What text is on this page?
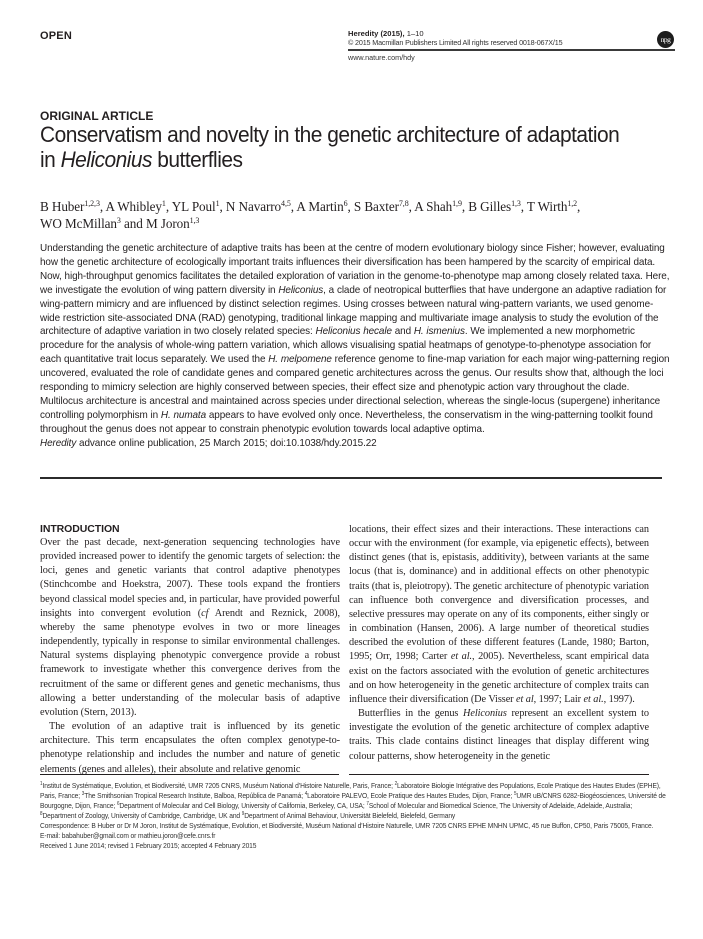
OPEN	Heredity (2015), 1–10
© 2015 Macmillan Publishers Limited All rights reserved 0018-067X/15
www.nature.com/hdy
npg
ORIGINAL ARTICLE
Conservatism and novelty in the genetic architecture of adaptation in Heliconius butterflies
B Huber$^{1,2,3}$, A Whibley$^1$, YL Poul$^1$, N Navarro$^{4,5}$, A Martin$^6$, S Baxter$^{7,8}$, A Shah$^{1,9}$, B Gilles$^{1,3}$, T Wirth$^{1,2}$,
WO McMillan$^3$ and M Joron$^{1,3}$
Understanding the genetic architecture of adaptive traits has been at the centre of modern evolutionary biology since Fisher; however, evaluating how the genetic architecture of ecologically important traits influences their diversification has been hampered by the scarcity of empirical data. Now, high-throughput genomics facilitates the detailed exploration of variation in the genome-to-phenotype map among closely related taxa. Here, we investigate the evolution of wing pattern diversity in Heliconius, a clade of neotropical butterflies that have undergone an adaptive radiation for wing-pattern mimicry and are influenced by distinct selection regimes. Using crosses between natural wing-pattern variants, we used genome-wide restriction site-associated DNA (RAD) genotyping, traditional linkage mapping and multivariate image analysis to study the evolution of the architecture of adaptive variation in two closely related species: Heliconius hecale and H. ismenius. We implemented a new morphometric procedure for the analysis of whole-wing pattern variation, which allows visualising spatial heatmaps of genotype-to-phenotype association for each quantitative trait locus separately. We used the H. melpomene reference genome to fine-map variation for each major wing-patterning region uncovered, evaluated the role of candidate genes and compared genetic architectures across the genus. Our results show that, although the loci responding to mimicry selection are highly conserved between species, their effect size and phenotypic action vary throughout the clade. Multilocus architecture is ancestral and maintained across species under directional selection, whereas the single-locus (supergene) inheritance controlling polymorphism in H. numata appears to have evolved only once. Nevertheless, the conservatism in the wing-patterning toolkit found throughout the genus does not appear to constrain phenotypic evolution towards local adaptive optima.
Heredity advance online publication, 25 March 2015; doi:10.1038/hdy.2015.22
INTRODUCTION

Over the past decade, next-generation sequencing technologies have provided increased power to identify the genomic targets of selection: the loci, genes and genetic variants that control adaptive phenotypes (Stinchcombe and Hoekstra, 2007). These tools expand the frontiers beyond classical model species and, in particular, have provided powerful insights into convergent evolution (cf Arendt and Reznick, 2008), whereby the same phenotype evolves in two or more lineages independently, typically in response to similar environmental challenges. Natural systems displaying phenotypic convergence provide a robust framework to investigate whether this convergence derives from the recruitment of the same or different genes and genetic mechanisms, thus allowing a better understanding of the molecular basis of adaptive evolution (Stern, 2013).

The evolution of an adaptive trait is influenced by its genetic architecture. This term encapsulates the often complex genotype-to-phenotype relationship and includes the number and nature of genetic elements (genes and alleles), their absolute and relative genomic

locations, their effect sizes and their interactions. These interactions can occur with the environment (for example, via epigenetic effects), between distinct genes (that is, epistasis, additivity), between variants at the same locus (that is, dominance) and in additional effects on other phenotypic traits (that is, pleiotropy). The genetic architecture of phenotypic variation can influence both convergence and diversification processes, and selective pressures may operate on any of its components, either singly or in combination (Hansen, 2006). A large number of theoretical studies described the evolution of these different features (Lande, 1980; Barton, 1995; Orr, 1998; Carter et al., 2005). Nevertheless, scant empirical data exist on the factors associated with the evolution of genetic architectures and on how heterogeneity in the genetic architecture of complex traits can influence their diversification (De Visser et al, 1997; Lair et al., 1997).

Butterflies in the genus Heliconius represent an excellent system to investigate the evolution of the genetic architecture of complex adaptive traits. This clade contains distinct lineages that display different wing colour patterns, show heterogeneity in the genetic

$^1$Institut de Systématique, Evolution, et Biodiversité, UMR 7205 CNRS, Muséum National d’Histoire Naturelle, Paris, France; $^2$Laboratoire Biologie Intégrative des Populations, Ecole Pratique des Hautes Etudes (EPHE), Paris, France; $^3$The Smithsonian Tropical Research Institute, Balboa, República de Panamá; $^4$Laboratoire PALEVO, Ecole Pratique des Hautes Etudes, Dijon, France; $^5$UMR uB/CNRS 6282-Biogéosciences, Université de Bourgogne, Dijon, France; $^6$Department of Molecular and Cell Biology, University of California, Berkeley, CA, USA; $^7$School of Molecular and Biomedical Science, The University of Adelaide, Adelaide, Australia; $^8$Department of Zoology, University of Cambridge, Cambridge, UK and $^9$Department of Animal Behaviour, Universität Bielefeld, Bielefeld, Germany
Correspondence: B Huber or Dr M Joron, Institut de Systématique, Evolution, et Biodiversité, Muséum National d’Histoire Naturelle, UMR 7205 CNRS EPHE MNHN UPMC, 45 rue Buffon, CP50, Paris 75005, France.
E-mail: babahuber@gmail.com or mathieu.joron@cefe.cnrs.fr
Received 1 June 2014; revised 1 February 2015; accepted 4 February 2015
